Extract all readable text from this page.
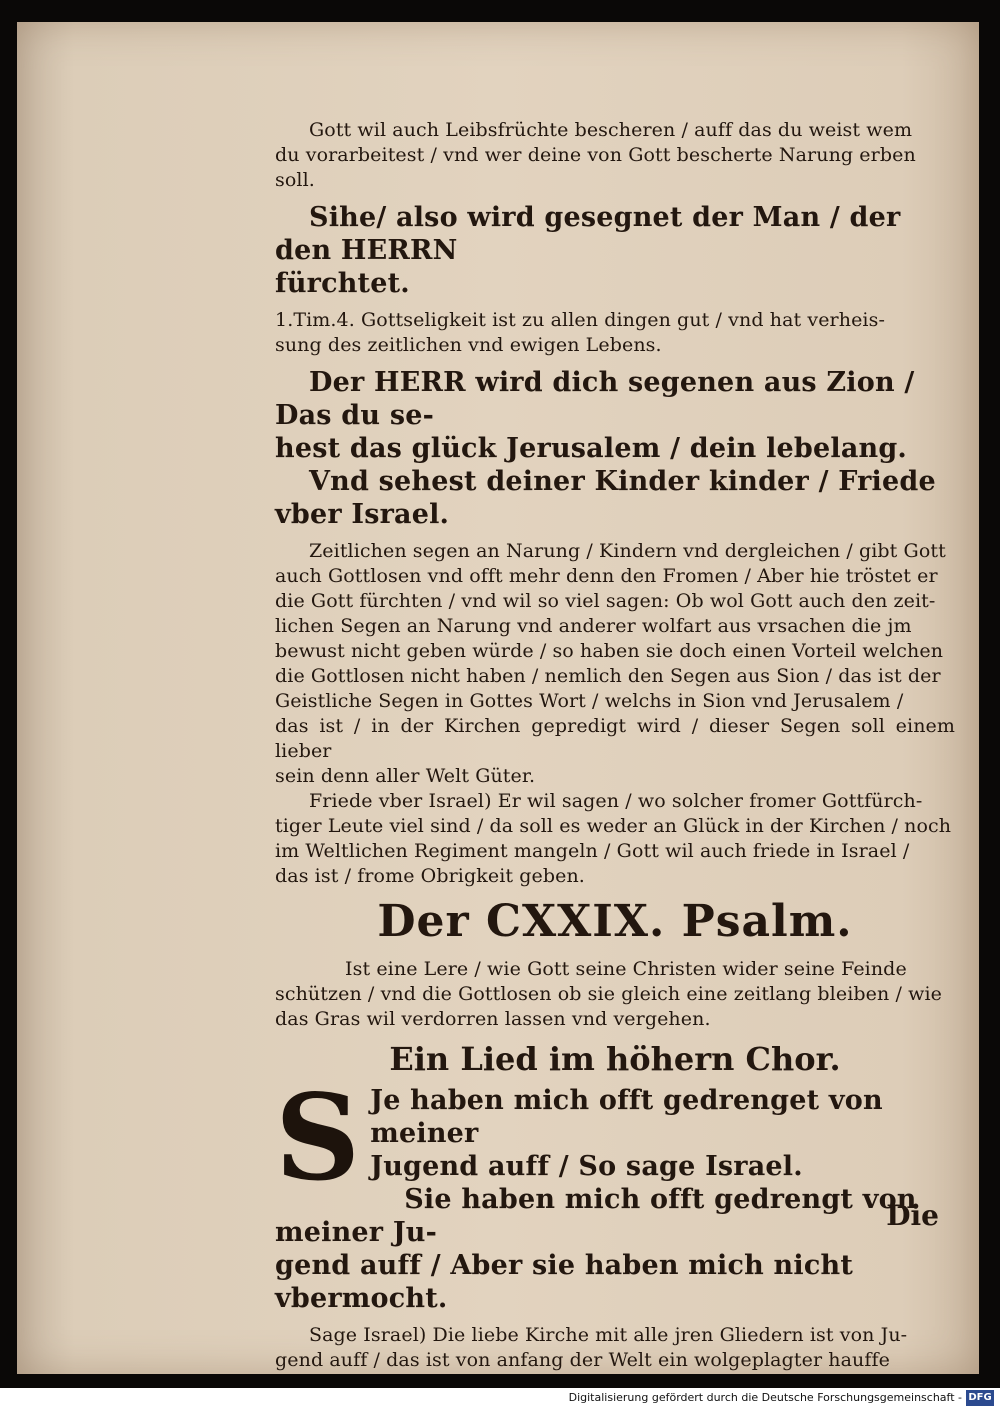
Gott wil auch Leibsfrüchte bescheren / auff das du weist wem

du vorarbeitest / vnd wer deine von Gott bescherte Narung erben

soll.

Sihe/ also wird gesegnet der Man / der den HERRN

fürchtet.

1.Tim.4. Gottseligkeit ist zu allen dingen gut / vnd hat verheis-

sung des zeitlichen vnd ewigen Lebens.

Der HERR wird dich segenen aus Zion / Das du se-

hest das glück Jerusalem / dein lebelang.

Vnd sehest deiner Kinder kinder / Friede vber Israel.

Zeitlichen segen an Narung / Kindern vnd dergleichen / gibt Gott

auch Gottlosen vnd offt mehr denn den Fromen / Aber hie tröstet er

die Gott fürchten / vnd wil so viel sagen: Ob wol Gott auch den zeit-

lichen Segen an Narung vnd anderer wolfart aus vrsachen die jm

bewust nicht geben würde / so haben sie doch einen Vorteil welchen

die Gottlosen nicht haben / nemlich den Segen aus Sion / das ist der

Geistliche Segen in Gottes Wort / welchs in Sion vnd Jerusalem /

das ist / in der Kirchen gepredigt wird / dieser Segen soll einem lieber

sein denn aller Welt Güter.

Friede vber Israel) Er wil sagen / wo solcher fromer Gottfürch-

tiger Leute viel sind / da soll es weder an Glück in der Kirchen / noch

im Weltlichen Regiment mangeln / Gott wil auch friede in Israel /

das ist / frome Obrigkeit geben.

Der CXXIX. Psalm.

Ist eine Lere / wie Gott seine Christen wider seine Feinde

schützen / vnd die Gottlosen ob sie gleich eine zeitlang bleiben / wie

das Gras wil verdorren lassen vnd vergehen.

Ein Lied im höhern Chor.
S Je haben mich offt gedrenget von meiner

Jugend auff / So sage Israel.

Sie haben mich offt gedrengt von meiner Ju-

gend auff / Aber sie haben mich nicht vbermocht.

Sage Israel) Die liebe Kirche mit alle jren Gliedern ist von Ju-

gend auff / das ist von anfang der Welt ein wolgeplagter hauffe

Die
Digitalisierung gefördert durch die Deutsche Forschungsgemeinschaft - DFG
